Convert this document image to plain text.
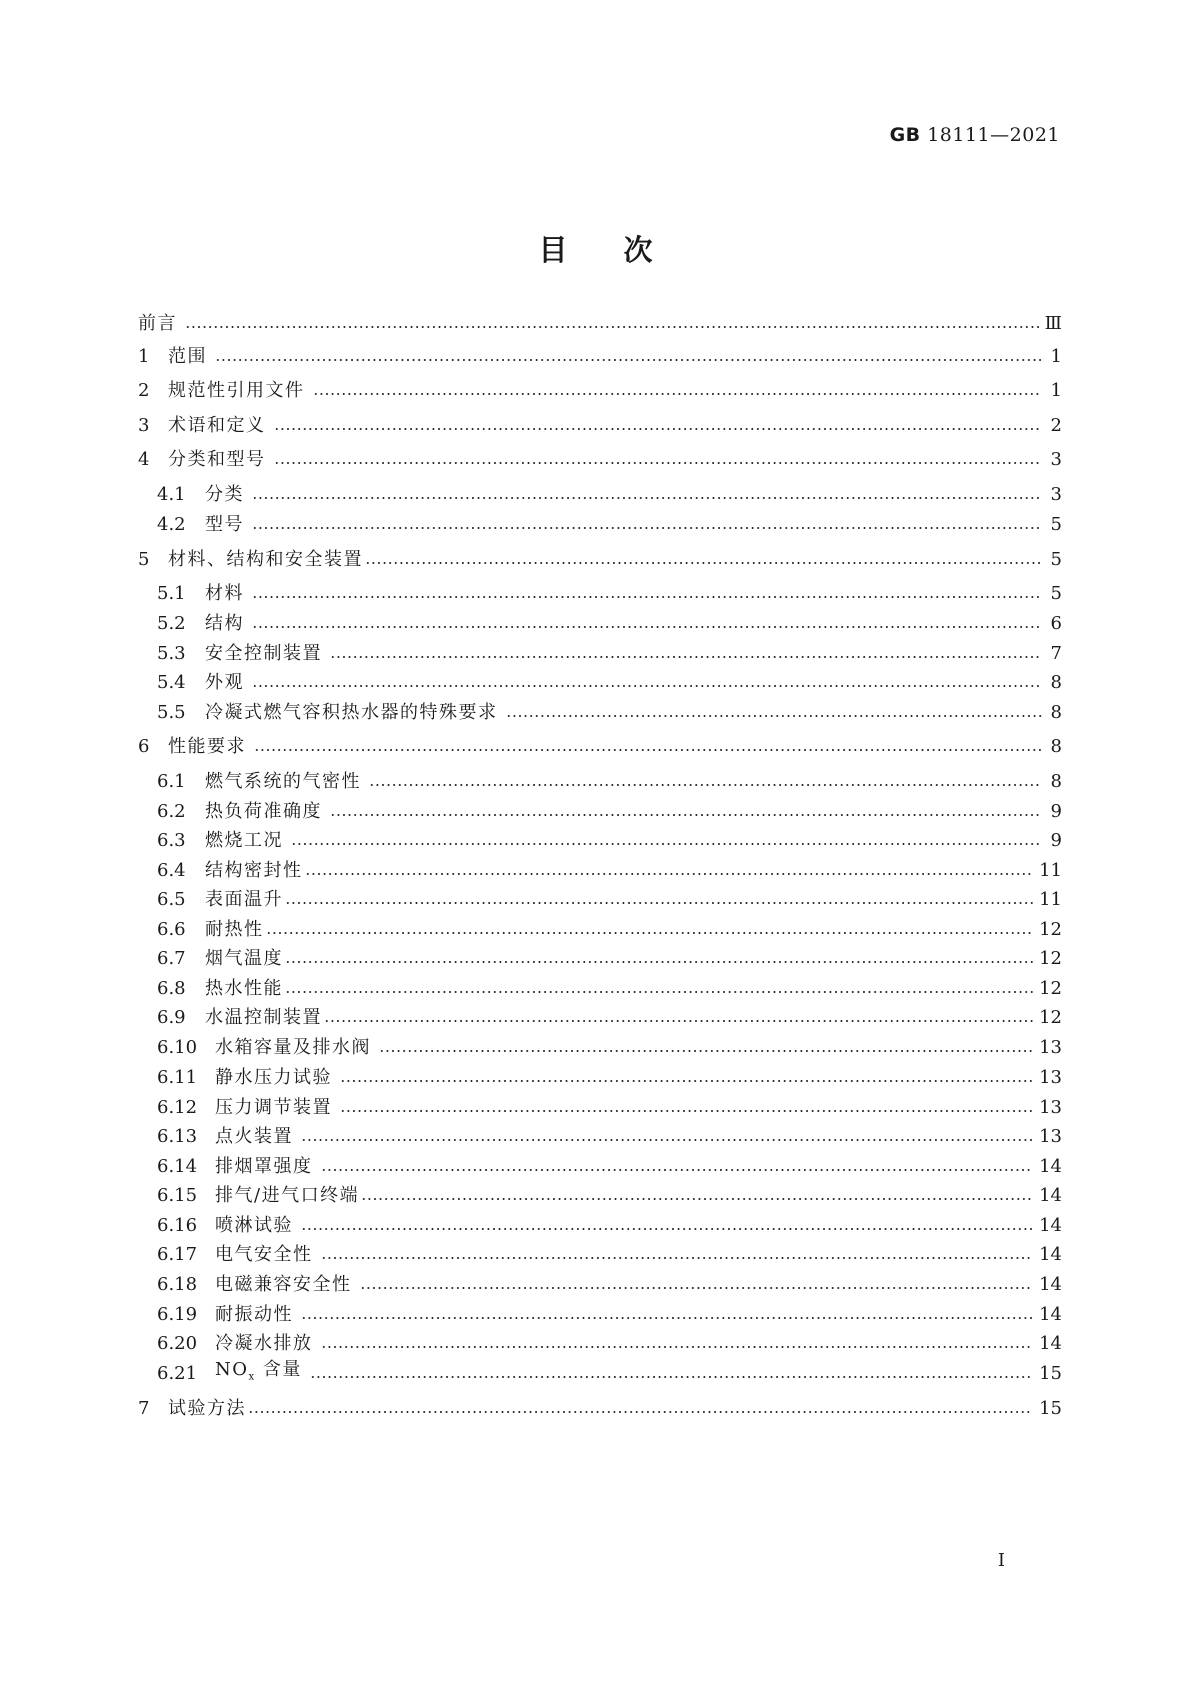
GB 18111—2021
目次
前言	Ⅲ
1	范围	1
2	规范性引用文件	1
3	术语和定义	2
4	分类和型号	3
4.1	分类	3
4.2	型号	5
5	材料、结构和安全装置	5
5.1	材料	5
5.2	结构	6
5.3	安全控制装置	7
5.4	外观	8
5.5	冷凝式燃气容积热水器的特殊要求	8
6	性能要求	8
6.1	燃气系统的气密性	8
6.2	热负荷准确度	9
6.3	燃烧工况	9
6.4	结构密封性	11
6.5	表面温升	11
6.6	耐热性	12
6.7	烟气温度	12
6.8	热水性能	12
6.9	水温控制装置	12
6.10 水箱容量及排水阀	13
6.11 静水压力试验	13
6.12 压力调节装置	13
6.13 点火装置	13
6.14 排烟罩强度	14
6.15 排气/进气口终端	14
6.16 喷淋试验	14
6.17 电气安全性	14
6.18 电磁兼容安全性	14
6.19 耐振动性	14
6.20 冷凝水排放	14
6.21 $NO_x$ 含量	15
7	试验方法	15
I
